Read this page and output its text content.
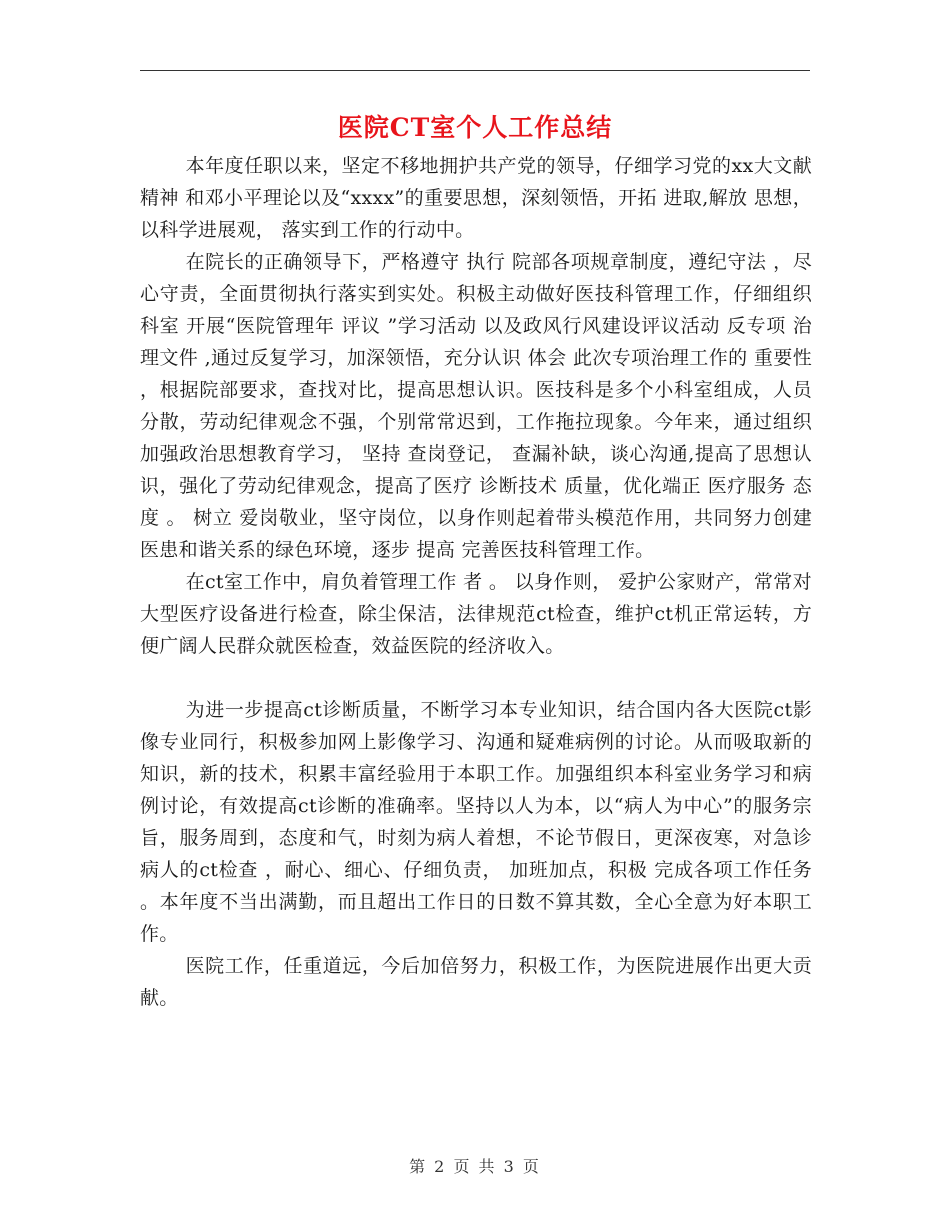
医院CT室个人工作总结

本年度任职以来，坚定不移地拥护共产党的领导，仔细学习党的xx大文献精神 和邓小平理论以及“xxxx”的重要思想，深刻领悟，开拓 进取,解放 思想，以科学进展观， 落实到工作的行动中。

在院长的正确领导下，严格遵守 执行 院部各项规章制度，遵纪守法 ，尽心守责，全面贯彻执行落实到实处。积极主动做好医技科管理工作，仔细组织 科室 开展“医院管理年 评议 ”学习活动 以及政风行风建设评议活动 反专项 治理文件 ,通过反复学习，加深领悟，充分认识 体会 此次专项治理工作的 重要性 ，根据院部要求，查找对比，提高思想认识。医技科是多个小科室组成，人员分散，劳动纪律观念不强，个别常常迟到，工作拖拉现象。今年来，通过组织加强政治思想教育学习， 坚持 查岗登记， 查漏补缺，谈心沟通,提高了思想认识，强化了劳动纪律观念，提高了医疗 诊断技术 质量，优化端正 医疗服务 态度 。 树立 爱岗敬业，坚守岗位，以身作则起着带头模范作用，共同努力创建医患和谐关系的绿色环境，逐步 提高 完善医技科管理工作。

在ct室工作中，肩负着管理工作 者 。 以身作则， 爱护公家财产，常常对大型医疗设备进行检查，除尘保洁，法律规范ct检查，维护ct机正常运转，方便广阔人民群众就医检查，效益医院的经济收入。

为进一步提高ct诊断质量，不断学习本专业知识，结合国内各大医院ct影像专业同行，积极参加网上影像学习、沟通和疑难病例的讨论。从而吸取新的知识，新的技术，积累丰富经验用于本职工作。加强组织本科室业务学习和病例讨论，有效提高ct诊断的准确率。坚持以人为本，以“病人为中心”的服务宗旨，服务周到，态度和气，时刻为病人着想，不论节假日，更深夜寒，对急诊病人的ct检查 ，耐心、细心、仔细负责， 加班加点，积极 完成各项工作任务 。本年度不当出满勤，而且超出工作日的日数不算其数，全心全意为好本职工作。

医院工作，任重道远，今后加倍努力，积极工作，为医院进展作出更大贡献。

第 2 页 共 3 页
